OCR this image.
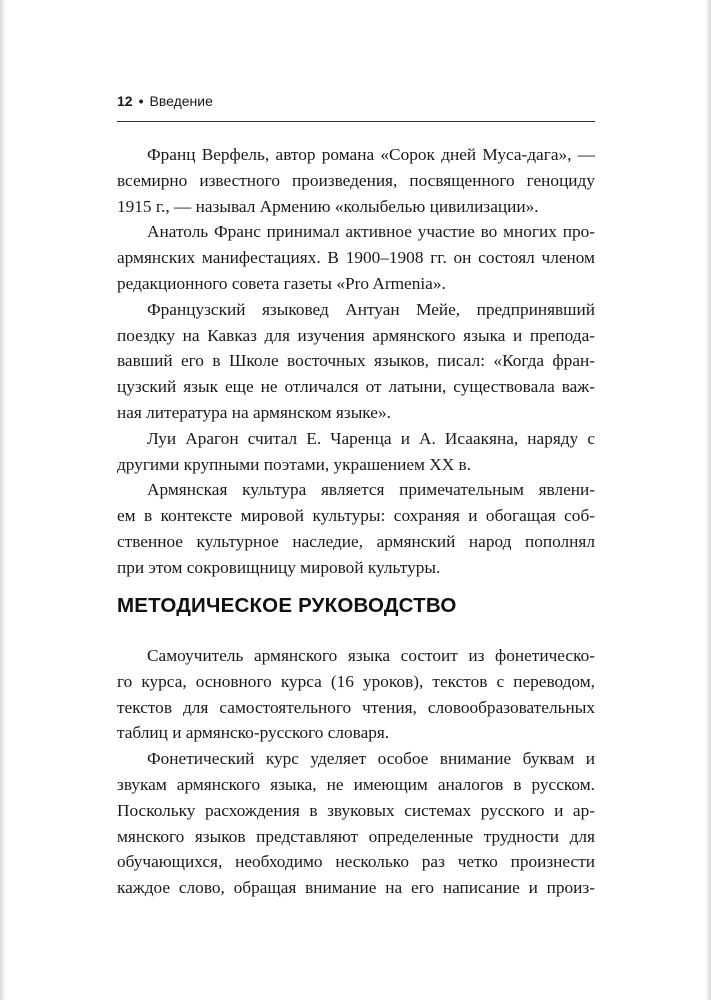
12 • Введение
Франц Верфель, автор романа «Сорок дней Муса-дага», —
всемирно известного произведения, посвященного геноциду
1915 г., — называл Армению «колыбелью цивилизации».
Анатоль Франс принимал активное участие во многих про-
армянских манифестациях. В 1900–1908 гг. он состоял членом
редакционного совета газеты «Pro Armenia».
Французский языковед Антуан Мейе, предпринявший
поездку на Кавказ для изучения армянского языка и препода-
вавший его в Школе восточных языков, писал: «Когда фран-
цузский язык еще не отличался от латыни, существовала важ-
ная литература на армянском языке».
Луи Арагон считал Е. Чаренца и А. Исаакяна, наряду с
другими крупными поэтами, украшением XX в.
Армянская культура является примечательным явлени-
ем в контексте мировой культуры: сохраняя и обогащая соб-
ственное культурное наследие, армянский народ пополнял
при этом сокровищницу мировой культуры.
МЕТОДИЧЕСКОЕ РУКОВОДСТВО
Самоучитель армянского языка состоит из фонетическо-
го курса, основного курса (16 уроков), текстов с переводом,
текстов для самостоятельного чтения, словообразовательных
таблиц и армянско-русского словаря.
Фонетический курс уделяет особое внимание буквам и
звукам армянского языка, не имеющим аналогов в русском.
Поскольку расхождения в звуковых системах русского и ар-
мянского языков представляют определенные трудности для
обучающихся, необходимо несколько раз четко произнести
каждое слово, обращая внимание на его написание и произ-
